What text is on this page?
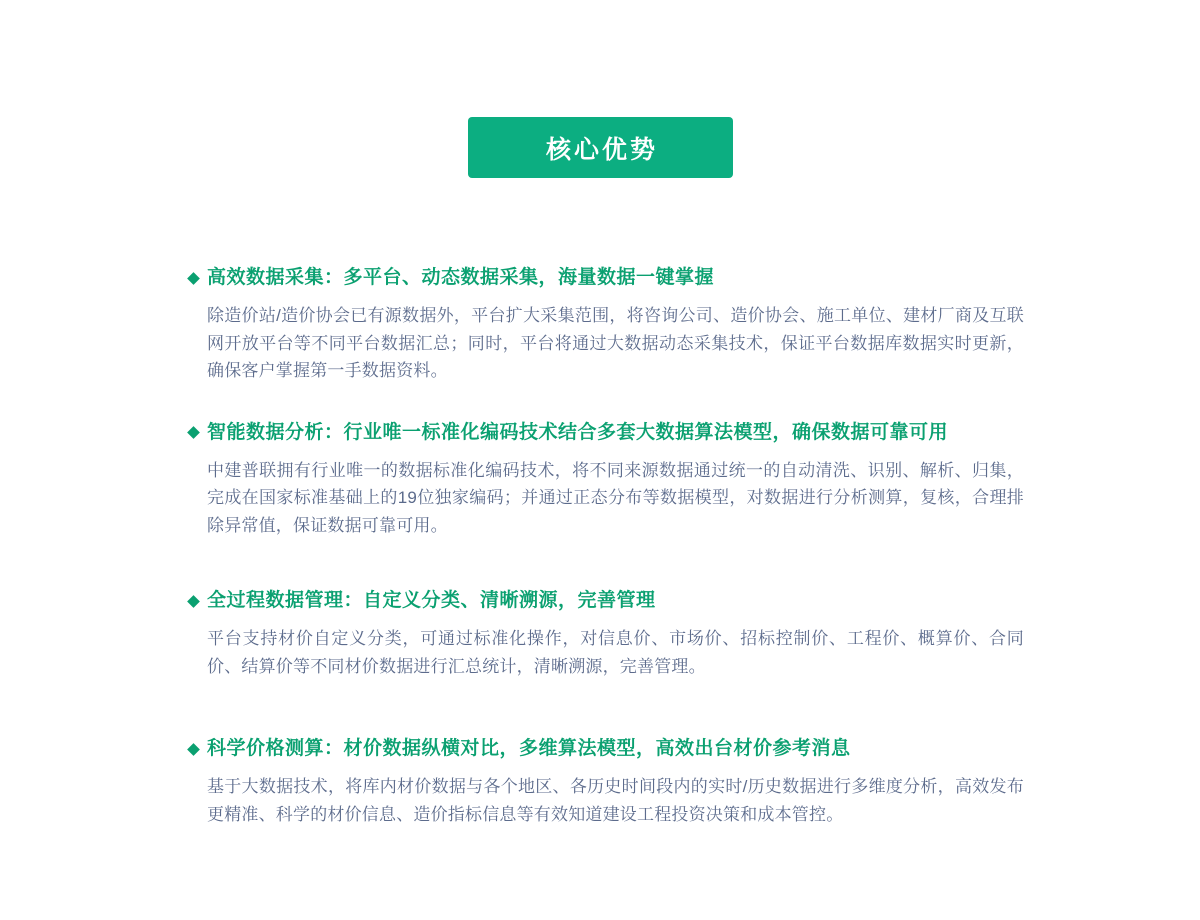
核心优势
高效数据采集：多平台、动态数据采集，海量数据一键掌握

除造价站/造价协会已有源数据外，平台扩大采集范围，将咨询公司、造价协会、施工单位、建材厂商及互联网开放平台等不同平台数据汇总；同时，平台将通过大数据动态采集技术，保证平台数据库数据实时更新，确保客户掌握第一手数据资料。

智能数据分析：行业唯一标准化编码技术结合多套大数据算法模型，确保数据可靠可用

中建普联拥有行业唯一的数据标准化编码技术，将不同来源数据通过统一的自动清洗、识别、解析、归集，完成在国家标准基础上的19位独家编码；并通过正态分布等数据模型，对数据进行分析测算，复核，合理排除异常值，保证数据可靠可用。

全过程数据管理：自定义分类、清晰溯源，完善管理

平台支持材价自定义分类，可通过标准化操作，对信息价、市场价、招标控制价、工程价、概算价、合同价、结算价等不同材价数据进行汇总统计，清晰溯源，完善管理。

科学价格测算：材价数据纵横对比，多维算法模型，高效出台材价参考消息

基于大数据技术，将库内材价数据与各个地区、各历史时间段内的实时/历史数据进行多维度分析，高效发布更精准、科学的材价信息、造价指标信息等有效知道建设工程投资决策和成本管控。
